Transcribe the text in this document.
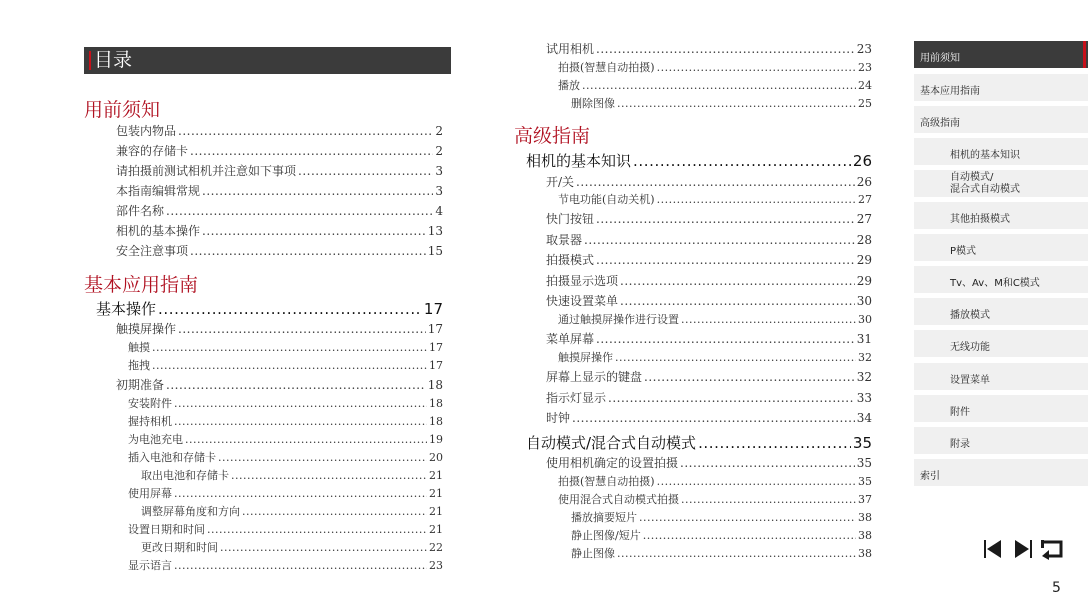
目录
用前须知
包装内物品 .....	2
兼容的存储卡 .....	2
请拍摄前测试相机并注意如下事项 .....	3
本指南编辑常规 .....	3
部件名称 .....	4
相机的基本操作 .....	13
安全注意事项 .....	15
基本应用指南
基本操作 .....	17
触摸屏操作 .....	17
触摸 .....	17
拖拽 .....	17
初期准备 .....	18
安装附件 .....	18
握持相机 .....	18
为电池充电 .....	19
插入电池和存储卡 .....	20
取出电池和存储卡 .....	21
使用屏幕 .....	21
调整屏幕角度和方向 .....	21
设置日期和时间 .....	21
更改日期和时间 .....	22
显示语言 .....	23
试用相机 .....	23
拍摄(智慧自动拍摄) .....	23
播放 .....	24
删除图像 .....	25
高级指南
相机的基本知识 .....	26
开/关 .....	26
节电功能(自动关机) .....	27
快门按钮 .....	27
取景器 .....	28
拍摄模式 .....	29
拍摄显示选项 .....	29
快速设置菜单 .....	30
通过触摸屏操作进行设置 .....	30
菜单屏幕 .....	31
触摸屏操作 .....	32
屏幕上显示的键盘 .....	32
指示灯显示 .....	33
时钟 .....	34
自动模式/混合式自动模式 .....	35
使用相机确定的设置拍摄 .....	35
拍摄(智慧自动拍摄) .....	35
使用混合式自动模式拍摄 .....	37
播放摘要短片 .....	38
静止图像/短片 .....	38
静止图像 .....	38
用前须知
基本应用指南
高级指南
相机的基本知识
自动模式/
混合式自动模式
其他拍摄模式
P模式
Tv、Av、M和C模式
播放模式
无线功能
设置菜单
附件
附录
索引
5
